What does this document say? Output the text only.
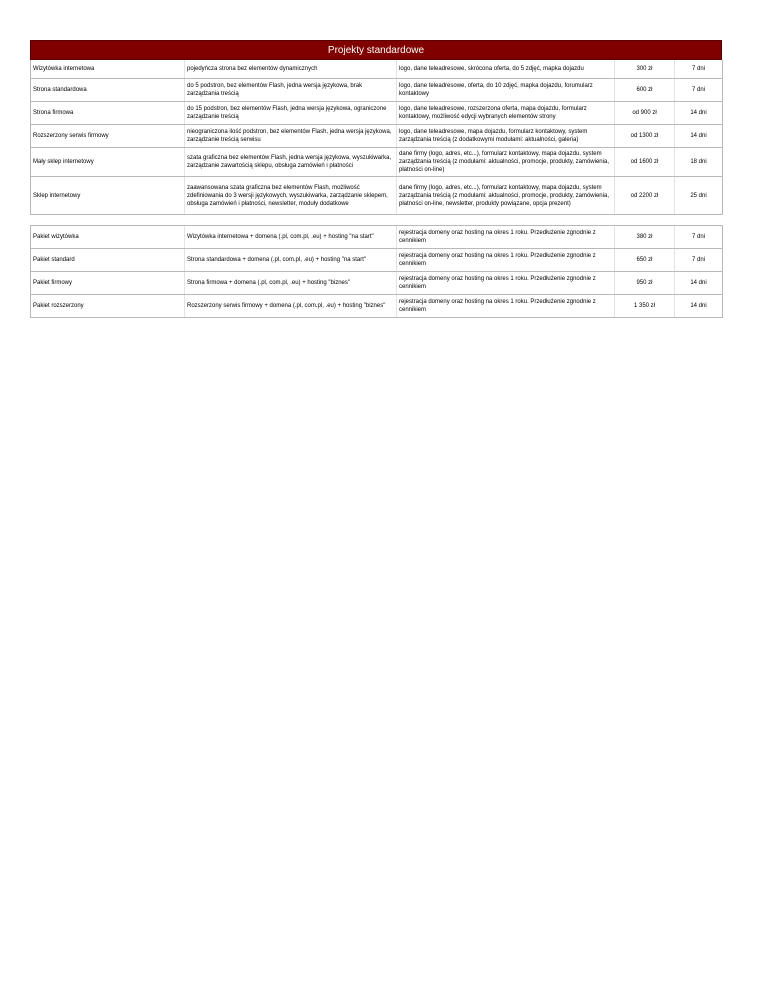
Projekty standardowe
Wizytówka internetowa	pojedyńcza strona bez elementów dynamicznych	logo, dane teleadresowe, skrócona oferta, do 5 zdjęć, mapka dojazdu	300 zł	7 dni
Strona standardowa	do 5 podstron, bez elementów Flash, jedna wersja językowa, brak zarządzania treścią	logo, dane teleadresowe, oferta, do 10 zdjęć, mapka dojazdu, forumularz kontaktowy	600 zł	7 dni
Strona firmowa	do 15 podstron, bez elementów Flash, jedna wersja językowa, ograniczone zarządzanie treścią	logo, dane teleadresowe, rozszerzona oferta, mapa dojazdu, formularz kontaktowy, możliwość edycji wybranych elementów strony	od 900 zł	14 dni
Rozszerzony serwis firmowy	nieograniczona ilość podstron, bez elementów Flash, jedna wersja językowa, zarządzanie treścią serwisu	logo, dane teleadresowe, mapa dojazdu, formularz kontaktowy, system zarządzania treścią (z dodatkowymi modułami: aktualności, galeria)	od 1300 zł	14 dni
Mały sklep internetowy	szata graficzna bez elementów Flash, jedna wersja językowa, wyszukiwarka, zarządzanie zawartością sklepu, obsługa zamówień i płatności	dane firmy (logo, adres, etc...), formularz kontaktowy, mapa dojazdu, system zarządzania treścią (z modułami: aktualności, promocje, produkty, zamówienia, płatności on-line)	od 1600 zł	18 dni
Sklep internetowy	zaawansowana szata graficzna bez elementów Flash, możliwość zdefiniowania do 3 wersji językowych, wyszukiwarka, zarządzanie sklepem, obsługa zamówień i płatności, newsletter, moduły dodatkowe	dane firmy (logo, adres, etc...), formularz kontaktowy, mapa dojazdu, system zarządzania treścią (z modułami: aktualności, promocje, produkty, zamówienia, płatności on-line, newsletter, produkty powiązane, opcja prezent)	od 2200 zł	25 dni
Pakiet wizytówka	Wizytówka internetowa + domena (.pl, com.pl, .eu) + hosting "na start"	rejestracja domeny oraz hosting na okres 1 roku. Przedłużenie zgnodnie z cennikiem	380 zł	7 dni
Pakiet standard	Strona standardowa + domena (.pl, com.pl, .eu) + hosting "na start"	rejestracja domeny oraz hosting na okres 1 roku. Przedłużenie zgnodnie z cennikiem	650 zł	7 dni
Pakiet firmowy	Strona firmowa + domena (.pl, com.pl, .eu) + hosting "biznes"	rejestracja domeny oraz hosting na okres 1 roku. Przedłużenie zgnodnie z cennikiem	950 zł	14 dni
Pakiet rozszerzony	Rozszerzony serwis firmowy + domena (.pl, com.pl, .eu) + hosting "biznes"	rejestracja domeny oraz hosting na okres 1 roku. Przedłużenie zgnodnie z cennikiem	1 350 zł	14 dni
